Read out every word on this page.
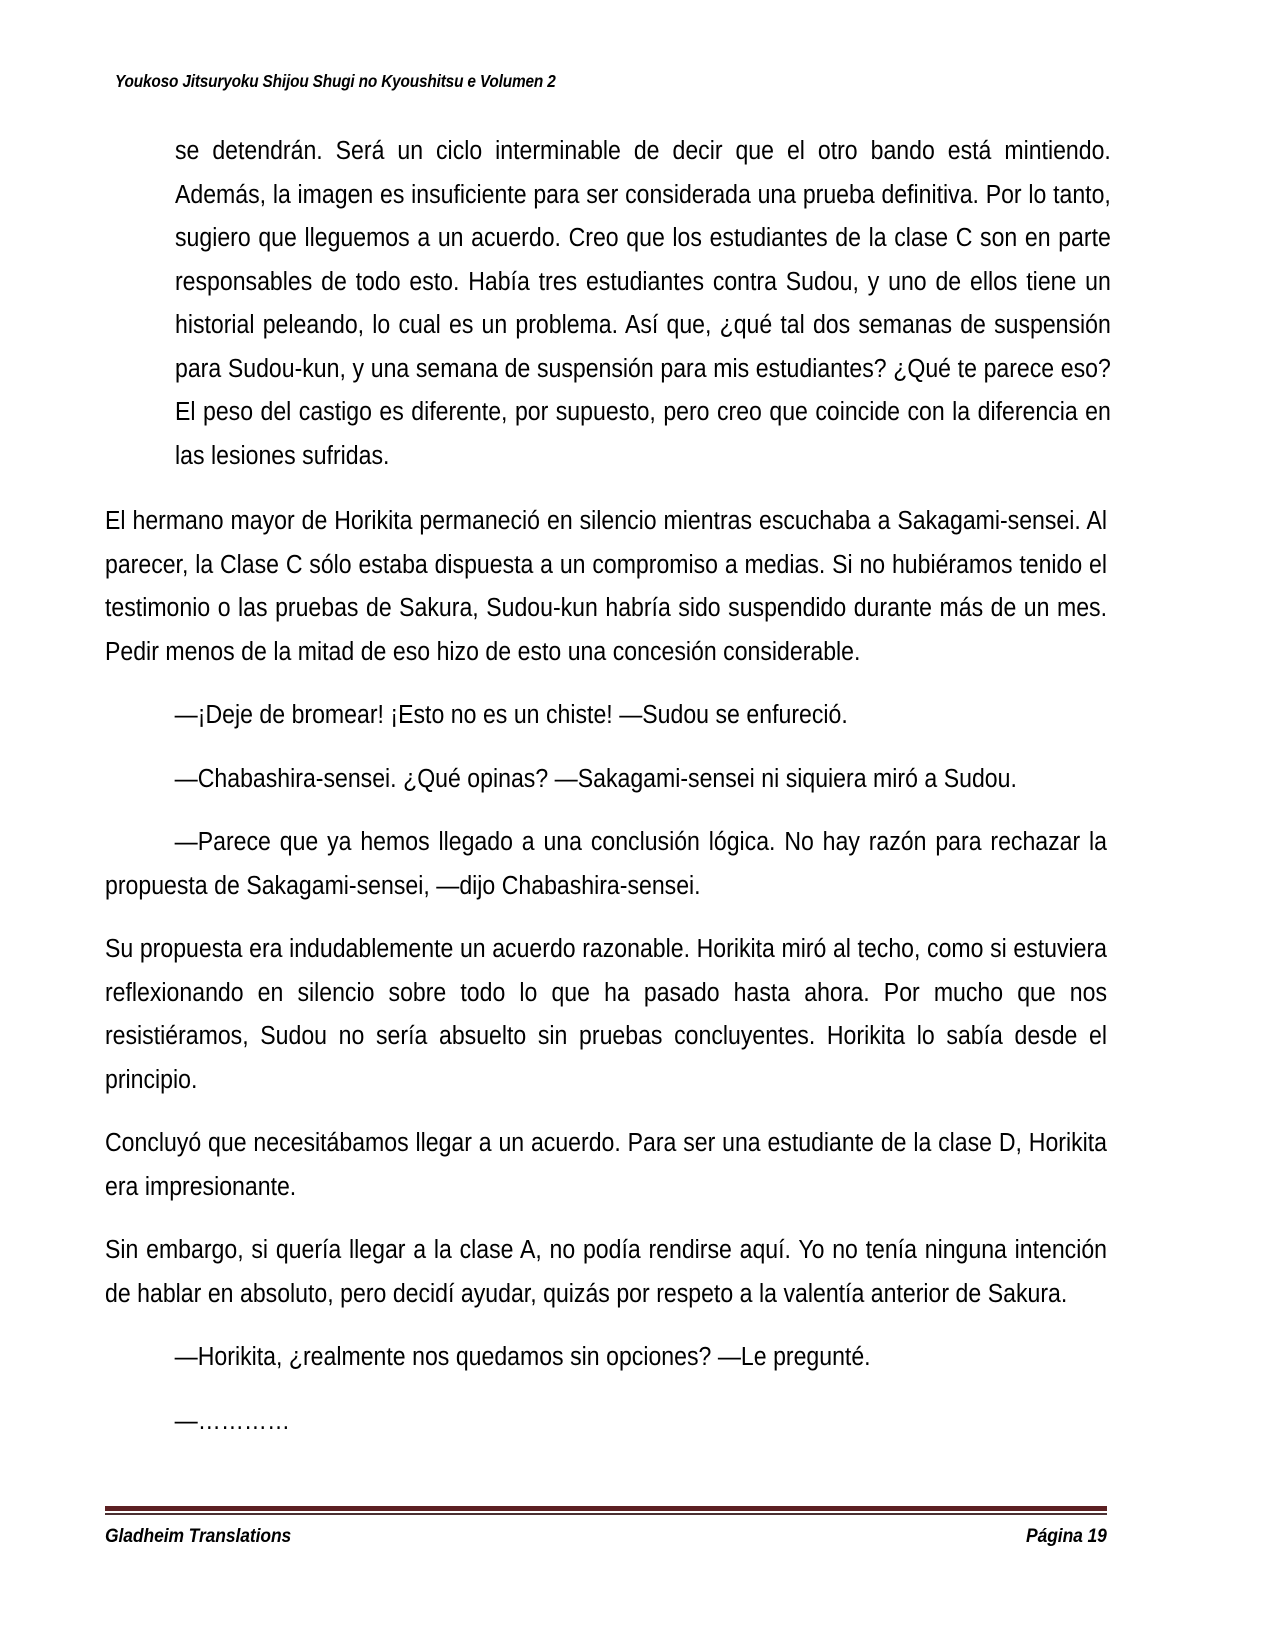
Youkoso Jitsuryoku Shijou Shugi no Kyoushitsu e Volumen 2

se detendrán. Será un ciclo interminable de decir que el otro bando está mintiendo. Además, la imagen es insuficiente para ser considerada una prueba definitiva. Por lo tanto, sugiero que lleguemos a un acuerdo. Creo que los estudiantes de la clase C son en parte responsables de todo esto. Había tres estudiantes contra Sudou, y uno de ellos tiene un historial peleando, lo cual es un problema. Así que, ¿qué tal dos semanas de suspensión para Sudou-kun, y una semana de suspensión para mis estudiantes? ¿Qué te parece eso? El peso del castigo es diferente, por supuesto, pero creo que coincide con la diferencia en las lesiones sufridas.

El hermano mayor de Horikita permaneció en silencio mientras escuchaba a Sakagami-sensei. Al parecer, la Clase C sólo estaba dispuesta a un compromiso a medias. Si no hubiéramos tenido el testimonio o las pruebas de Sakura, Sudou-kun habría sido suspendido durante más de un mes. Pedir menos de la mitad de eso hizo de esto una concesión considerable.

—¡Deje de bromear! ¡Esto no es un chiste! —Sudou se enfureció.

—Chabashira-sensei. ¿Qué opinas? —Sakagami-sensei ni siquiera miró a Sudou.

—Parece que ya hemos llegado a una conclusión lógica. No hay razón para rechazar la propuesta de Sakagami-sensei, —dijo Chabashira-sensei.

Su propuesta era indudablemente un acuerdo razonable. Horikita miró al techo, como si estuviera reflexionando en silencio sobre todo lo que ha pasado hasta ahora. Por mucho que nos resistiéramos, Sudou no sería absuelto sin pruebas concluyentes. Horikita lo sabía desde el principio.

Concluyó que necesitábamos llegar a un acuerdo. Para ser una estudiante de la clase D, Horikita era impresionante.

Sin embargo, si quería llegar a la clase A, no podía rendirse aquí. Yo no tenía ninguna intención de hablar en absoluto, pero decidí ayudar, quizás por respeto a la valentía anterior de Sakura.

—Horikita, ¿realmente nos quedamos sin opciones? —Le pregunté.

—…………

Gladheim Translations	Página 19
